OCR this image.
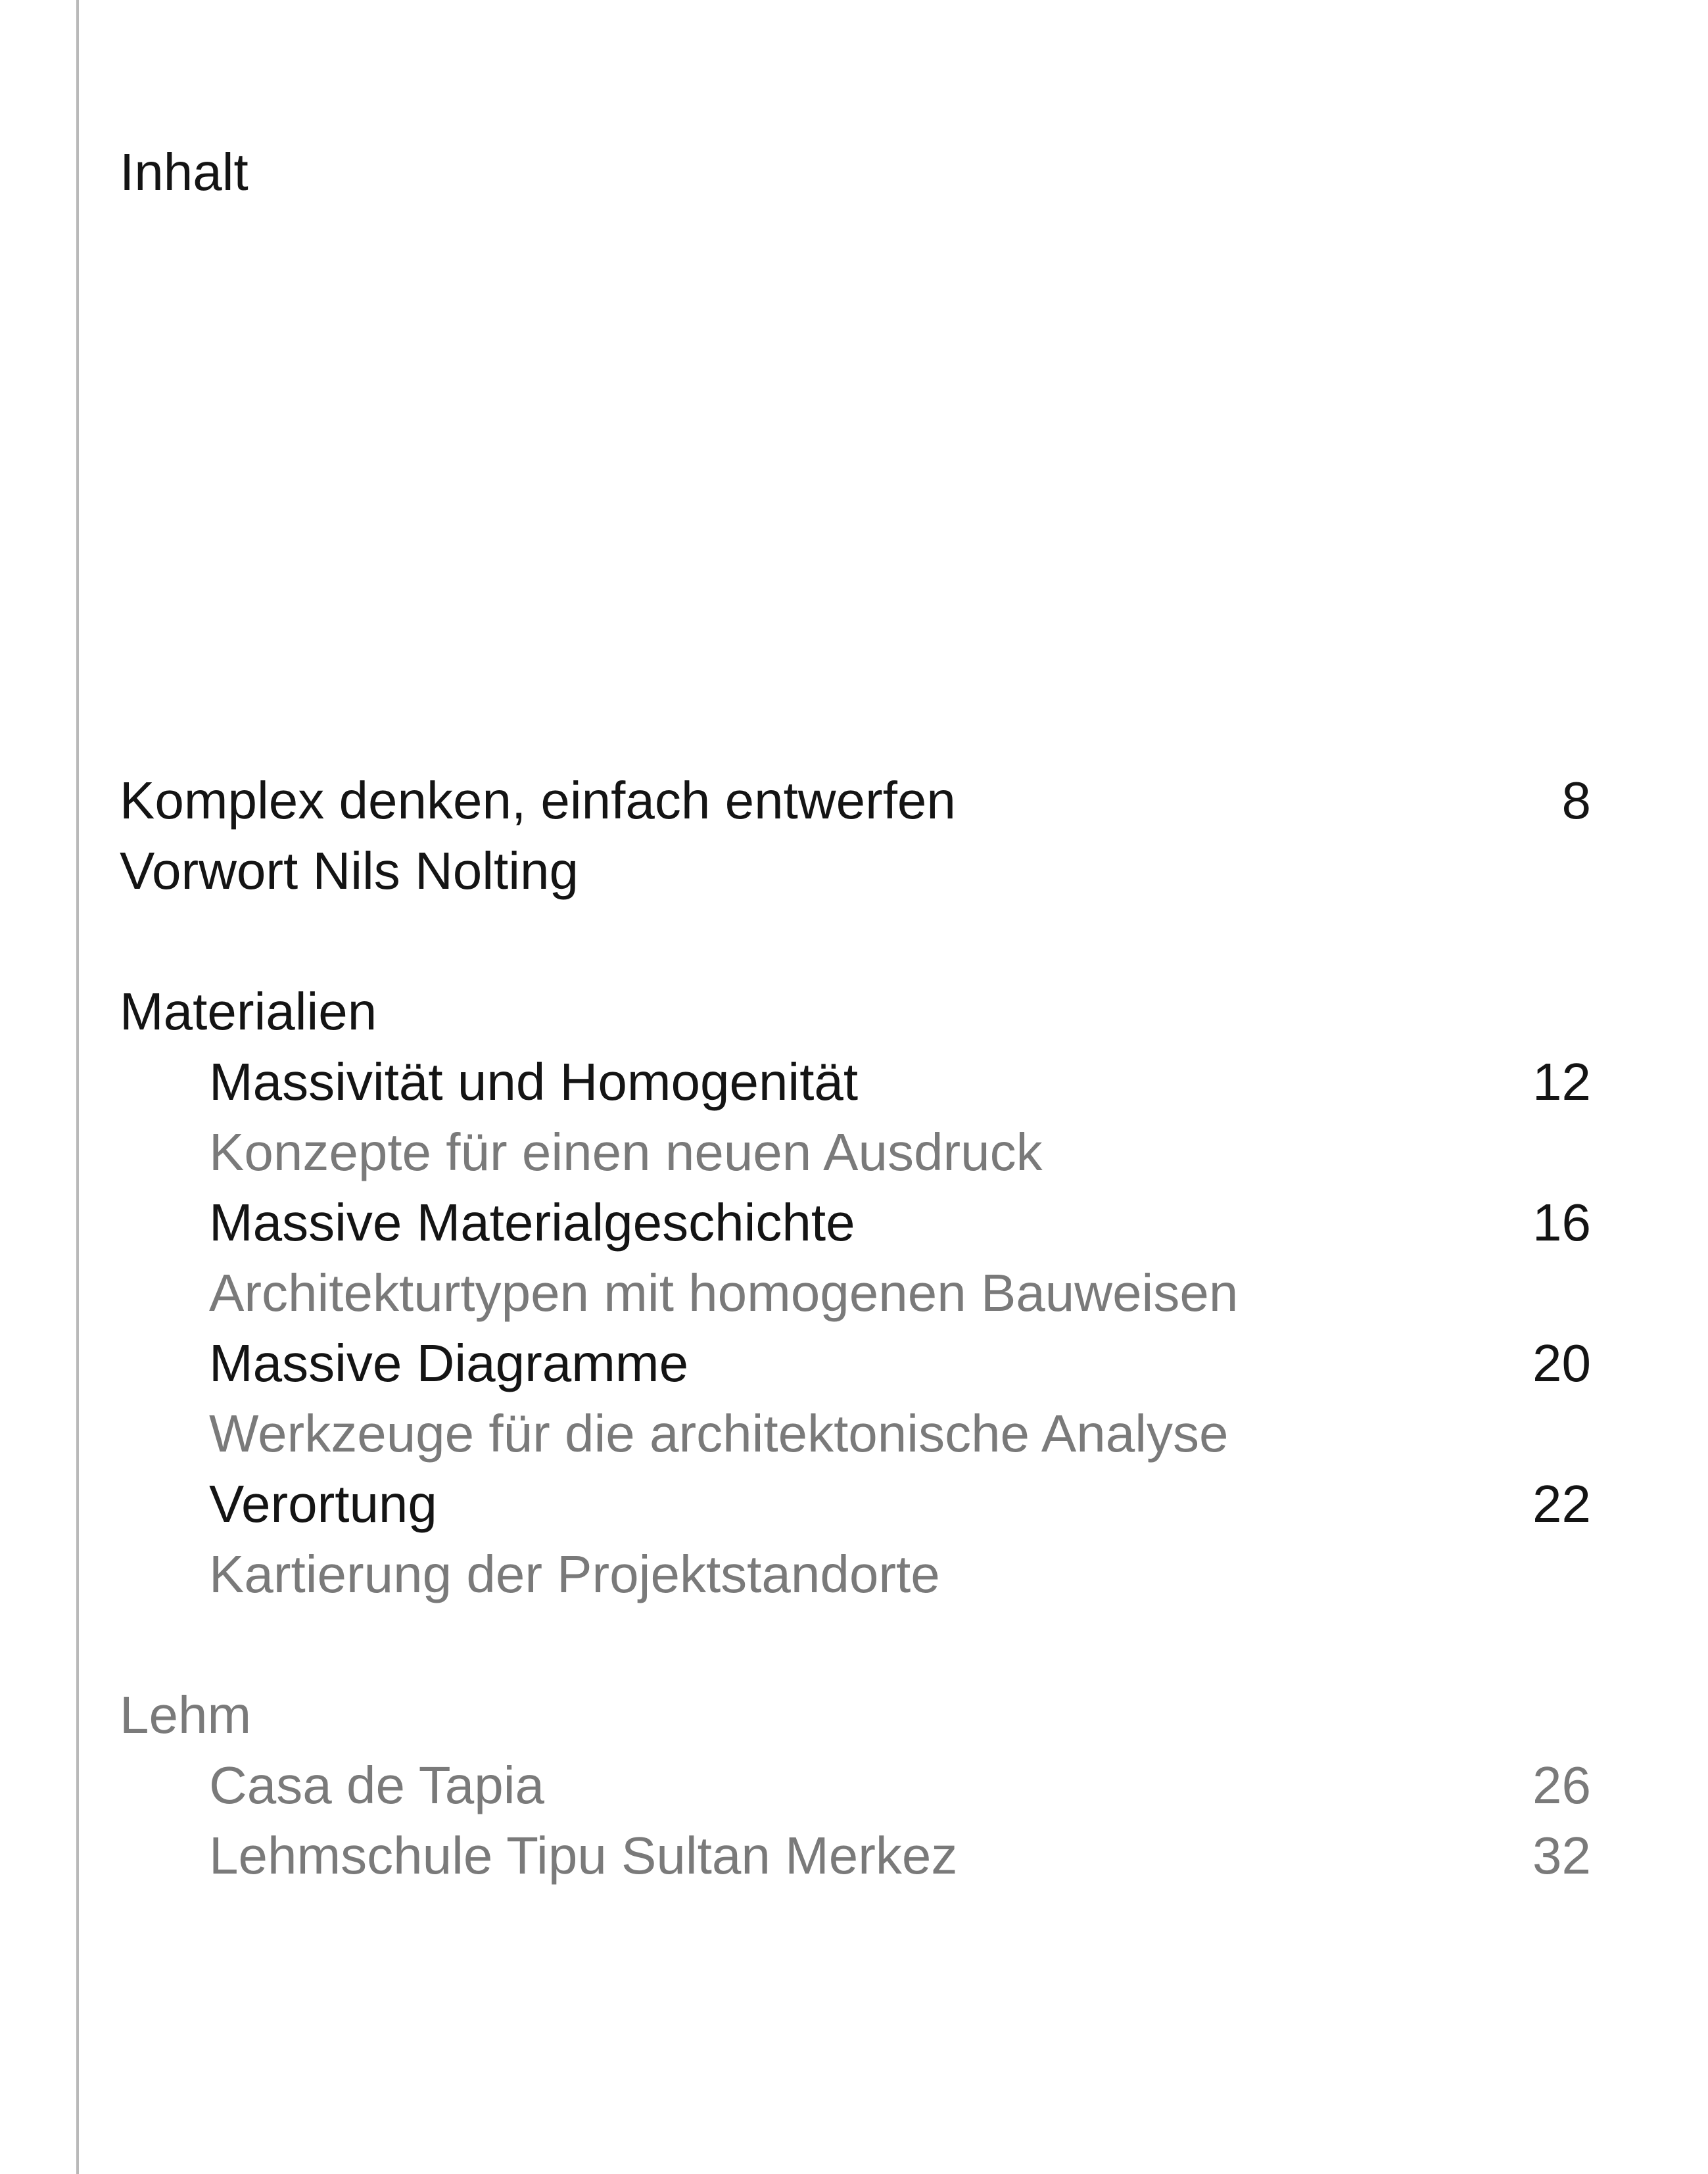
Inhalt
Komplex denken, einfach entwerfen	8
Vorwort Nils Nolting
Materialien
Massivität und Homogenität	12
Konzepte für einen neuen Ausdruck
Massive Materialgeschichte	16
Architekturtypen mit homogenen Bauweisen
Massive Diagramme	20
Werkzeuge für die architektonische Analyse
Verortung	22
Kartierung der Projektstandorte
Lehm
Casa de Tapia	26
Lehmschule Tipu Sultan Merkez	32
